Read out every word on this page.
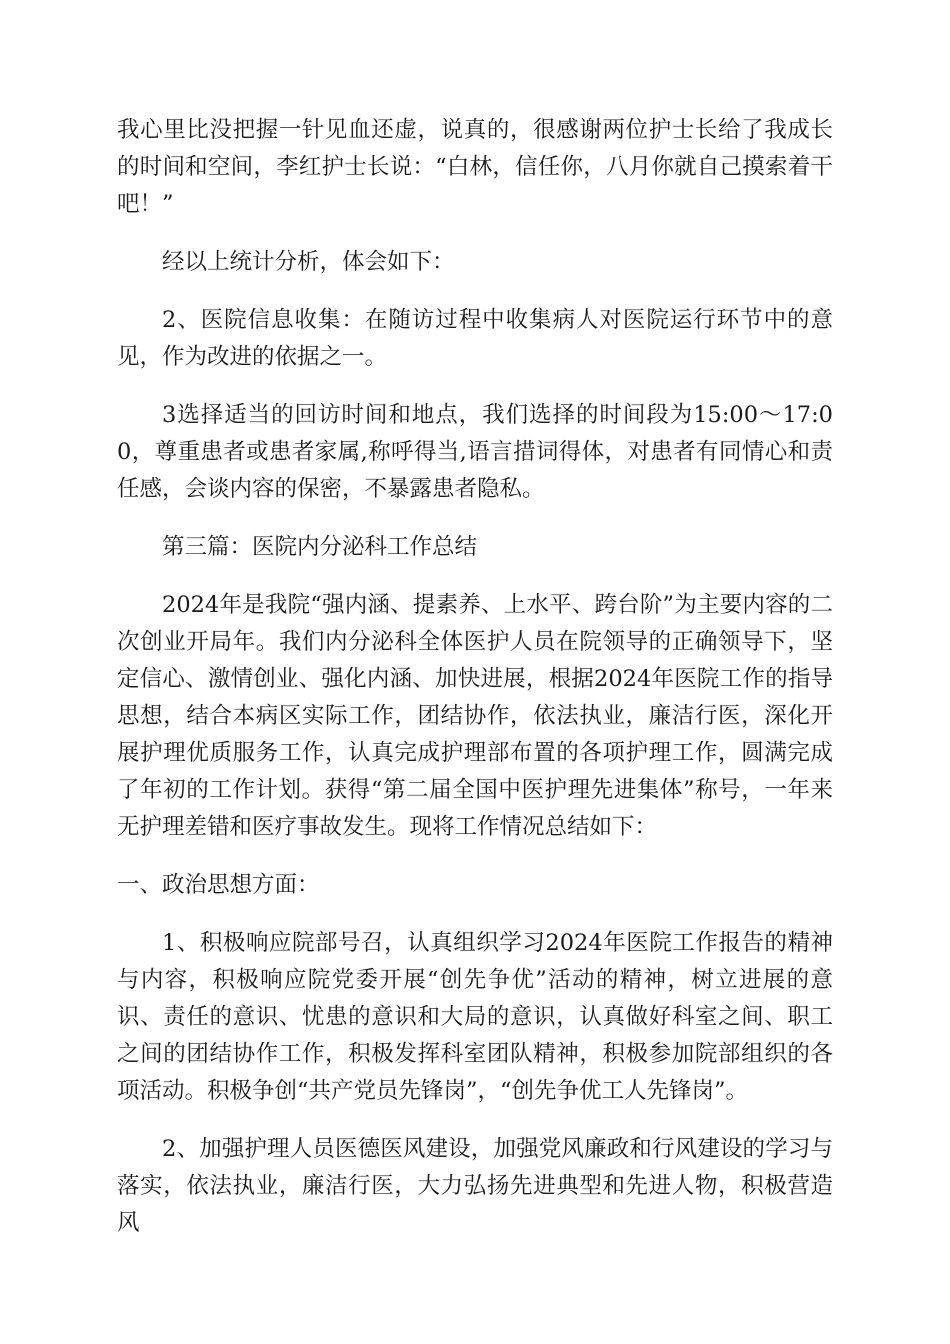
我心里比没把握一针见血还虚，说真的，很感谢两位护士长给了我成长的时间和空间，李红护士长说：“白林，信任你，八月你就自己摸索着干吧！”

经以上统计分析，体会如下：

2、医院信息收集：在随访过程中收集病人对医院运行环节中的意见，作为改进的依据之一。

3选择适当的回访时间和地点，我们选择的时间段为15:00～17:00，尊重患者或患者家属,称呼得当,语言措词得体，对患者有同情心和责任感，会谈内容的保密，不暴露患者隐私。

第三篇：医院内分泌科工作总结

2024年是我院“强内涵、提素养、上水平、跨台阶”为主要内容的二次创业开局年。我们内分泌科全体医护人员在院领导的正确领导下，坚定信心、激情创业、强化内涵、加快进展，根据2024年医院工作的指导思想，结合本病区实际工作，团结协作，依法执业，廉洁行医，深化开展护理优质服务工作，认真完成护理部布置的各项护理工作，圆满完成了年初的工作计划。获得“第二届全国中医护理先进集体”称号，一年来无护理差错和医疗事故发生。现将工作情况总结如下：

一、政治思想方面：

1、积极响应院部号召，认真组织学习2024年医院工作报告的精神与内容，积极响应院党委开展“创先争优”活动的精神，树立进展的意识、责任的意识、忧患的意识和大局的意识，认真做好科室之间、职工之间的团结协作工作，积极发挥科室团队精神，积极参加院部组织的各项活动。积极争创“共产党员先锋岗”，“创先争优工人先锋岗”。

2、加强护理人员医德医风建设，加强党风廉政和行风建设的学习与落实，依法执业，廉洁行医，大力弘扬先进典型和先进人物，积极营造风
